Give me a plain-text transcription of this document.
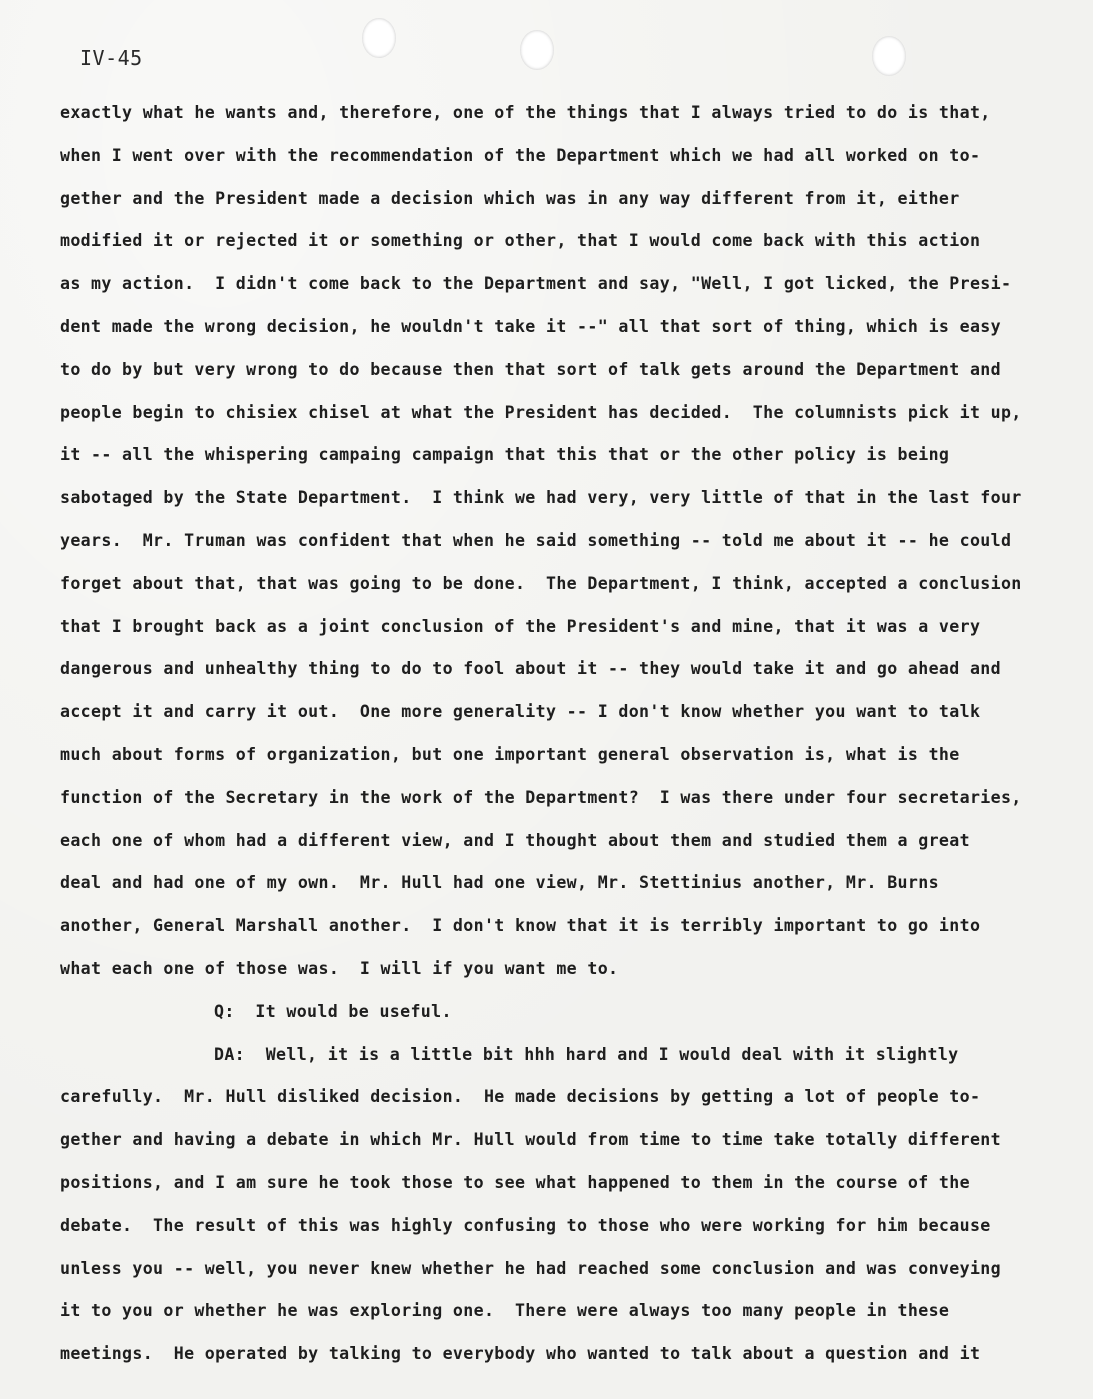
IV-45
exactly what he wants and, therefore, one of the things that I always tried to do is that,
when I went over with the recommendation of the Department which we had all worked on to-
gether and the President made a decision which was in any way different from it, either
modified it or rejected it or something or other, that I would come back with this action
as my action.  I didn't come back to the Department and say, "Well, I got licked, the Presi-
dent made the wrong decision, he wouldn't take it --" all that sort of thing, which is easy
to do by but very wrong to do because then that sort of talk gets around the Department and
people begin to chisiex chisel at what the President has decided.  The columnists pick it up,
it -- all the whispering campaing campaign that this that or the other policy is being
sabotaged by the State Department.  I think we had very, very little of that in the last four
years.  Mr. Truman was confident that when he said something -- told me about it -- he could
forget about that, that was going to be done.  The Department, I think, accepted a conclusion
that I brought back as a joint conclusion of the President's and mine, that it was a very
dangerous and unhealthy thing to do to fool about it -- they would take it and go ahead and
accept it and carry it out.  One more generality -- I don't know whether you want to talk
much about forms of organization, but one important general observation is, what is the
function of the Secretary in the work of the Department?  I was there under four secretaries,
each one of whom had a different view, and I thought about them and studied them a great
deal and had one of my own.  Mr. Hull had one view, Mr. Stettinius another, Mr. Burns
another, General Marshall another.  I don't know that it is terribly important to go into
what each one of those was.  I will if you want me to.
Q:  It would be useful.
DA:  Well, it is a little bit hhh hard and I would deal with it slightly
carefully.  Mr. Hull disliked decision.  He made decisions by getting a lot of people to-
gether and having a debate in which Mr. Hull would from time to time take totally different
positions, and I am sure he took those to see what happened to them in the course of the
debate.  The result of this was highly confusing to those who were working for him because
unless you -- well, you never knew whether he had reached some conclusion and was conveying
it to you or whether he was exploring one.  There were always too many people in these
meetings.  He operated by talking to everybody who wanted to talk about a question and it
